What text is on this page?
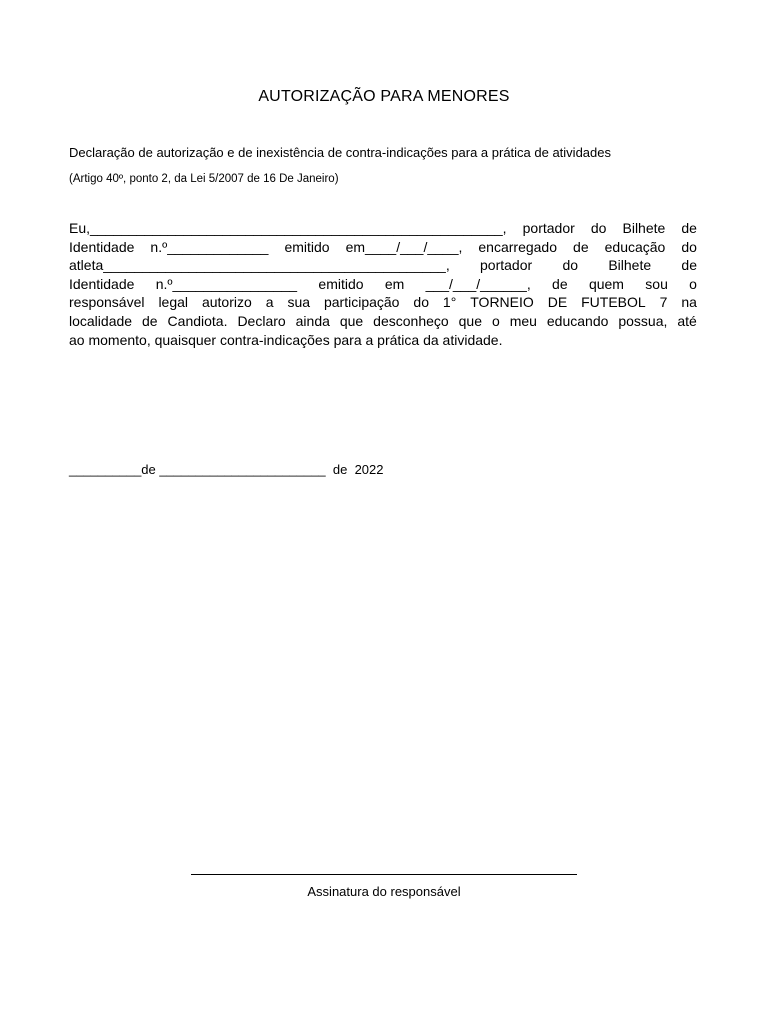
AUTORIZAÇÃO PARA MENORES
Declaração de autorização e de inexistência de contra-indicações para a prática de atividades
(Artigo 40º, ponto 2, da Lei 5/2007 de 16 De Janeiro)
Eu,_____________________________________________________, portador do Bilhete de
Identidade n.º_____________ emitido em____/___/____, encarregado de educação do
atleta____________________________________________, portador do Bilhete de
Identidade n.º________________ emitido em ___/___/______, de quem sou o
responsável legal autorizo a sua participação do 1° TORNEIO DE FUTEBOL 7 na
localidade de Candiota. Declaro ainda que desconheço que o meu educando possua, até
ao momento, quaisquer contra-indicações para a prática da atividade.
__________de _______________________  de  2022
Assinatura do responsável
